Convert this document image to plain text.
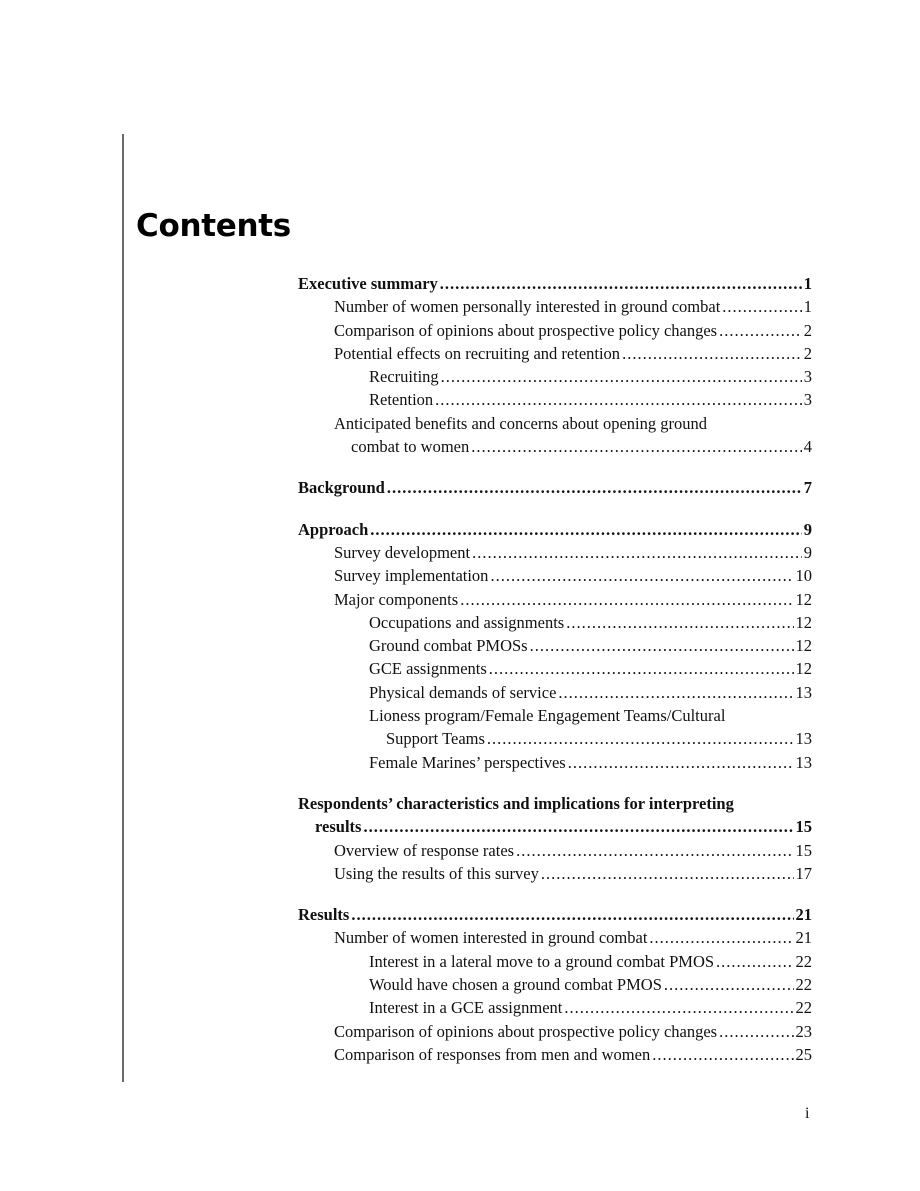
Contents
Executive summary .....	1
Number of women personally interested in ground combat .....	1
Comparison of opinions about prospective policy changes .....	2
Potential effects on recruiting and retention .....	2
Recruiting .....	3
Retention .....	3
Anticipated benefits and concerns about opening ground
combat to women .....	4
Background .....	7
Approach .....	9
Survey development .....	9
Survey implementation .....	10
Major components .....	12
Occupations and assignments .....	12
Ground combat PMOSs .....	12
GCE assignments .....	12
Physical demands of service .....	13
Lioness program/Female Engagement Teams/Cultural
Support Teams .....	13
Female Marines’ perspectives .....	13
Respondents’ characteristics and implications for interpreting
results .....	15
Overview of response rates .....	15
Using the results of this survey .....	17
Results .....	21
Number of women interested in ground combat .....	21
Interest in a lateral move to a ground combat PMOS .....	22
Would have chosen a ground combat PMOS .....	22
Interest in a GCE assignment .....	22
Comparison of opinions about prospective policy changes .....	23
Comparison of responses from men and women .....	25
i
